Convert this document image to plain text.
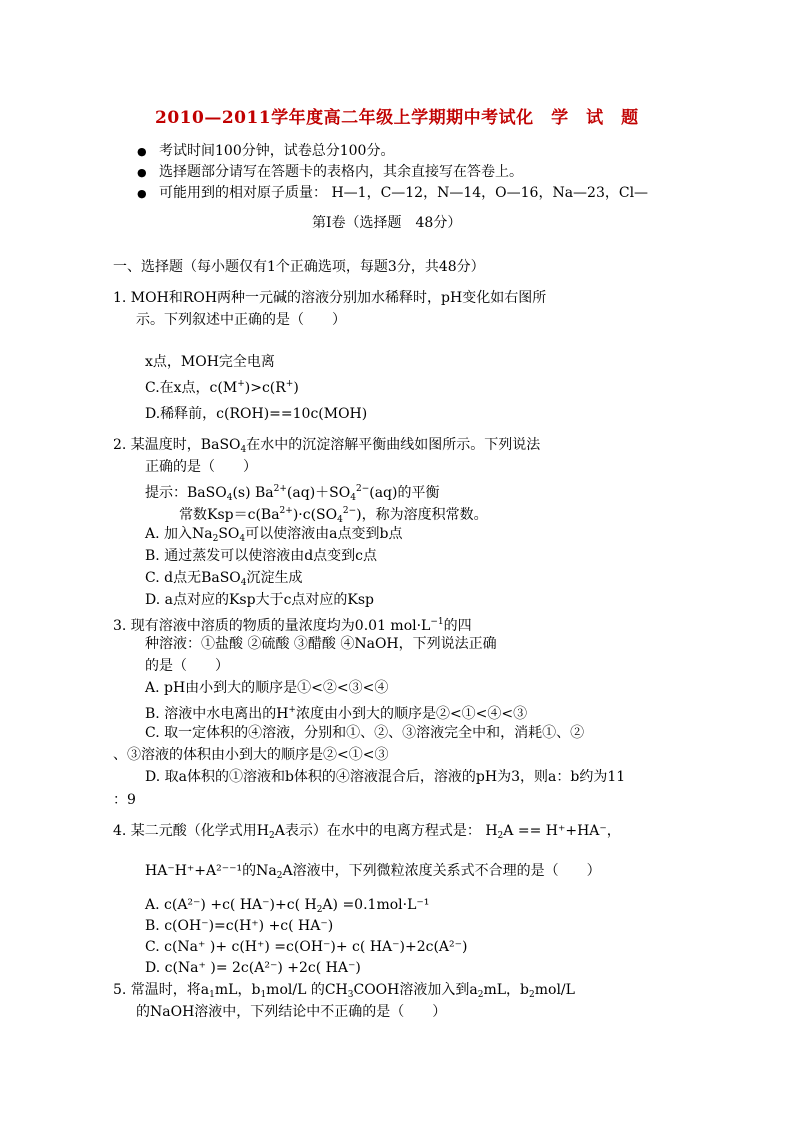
2010—2011学年度高二年级上学期期中考试化　学　试　题
● 考试时间100分钟，试卷总分100分。
● 选择题部分请写在答题卡的表格内，其余直接写在答卷上。
● 可能用到的相对原子质量： H—1，C—12，N—14，O—16，Na—23，Cl—
第Ⅰ卷（选择题　48分）
一、选择题（每小题仅有1个正确选项，每题3分，共48分）
1. MOH和ROH两种一元碱的溶液分别加水稀释时，pH变化如右图所
示。下列叙述中正确的是（　　）
x点，MOH完全电离
C.在x点，c(M+)>c(R+)
D.稀释前，c(ROH)==10c(MOH)
2. 某温度时，BaSO$_4$在水中的沉淀溶解平衡曲线如图所示。下列说法
正确的是（　　）
提示：BaSO$_4$(s) $Ba^{2+}(aq)+SO_4^{2-}(aq)$的平衡
常数$Ksp=c(Ba^{2+})\cdot c(SO_4^{2-})$，称为溶度积常数。
A. 加入$Na_2SO_4$可以使溶液由a点变到b点
B. 通过蒸发可以使溶液由d点变到c点
C. d点无BaSO$_4$沉淀生成
D. a点对应的Ksp大于c点对应的Ksp
3. 现有溶液中溶质的物质的量浓度均为0.01 $mol\cdot L^{-1}$的四
种溶液：①盐酸 ②硫酸 ③醋酸 ④NaOH，下列说法正确
的是（　　）
A. pH由小到大的顺序是①<②<③<④
B. 溶液中水电离出的H+浓度由小到大的顺序是②<①<④<③
C. 取一定体积的④溶液，分别和①、②、③溶液完全中和，消耗①、②
、③溶液的体积由小到大的顺序是②<①<③
D. 取a体积的①溶液和b体积的④溶液混合后，溶液的pH为3，则a：b约为11
：9
4. 某二元酸（化学式用$H_2A$表示）在水中的电离方程式是： $H_2A == H^++HA^-$，
HA⁻H⁺+A²⁻⁻¹的$Na_2A$溶液中，下列微粒浓度关系式不合理的是（　　）
A. c(A²⁻) +c( HA⁻)+c( $H_2A) =0.1mol\cdot L^{-1}$
B. c(OH⁻)=c(H⁺) +c( HA⁻)
C. c(Na⁺ )+ c(H⁺) =c(OH⁻)+ c( HA⁻)+2c(A²⁻)
D. c(Na⁺ )= 2c(A²⁻) +2c( HA⁻)
5. 常温时，将$a_1mL$，$b_1mol/L$ 的$CH_3COOH$溶液加入到$a_2mL$，$b_2mol/L$
的NaOH溶液中，下列结论中不正确的是（　　）
